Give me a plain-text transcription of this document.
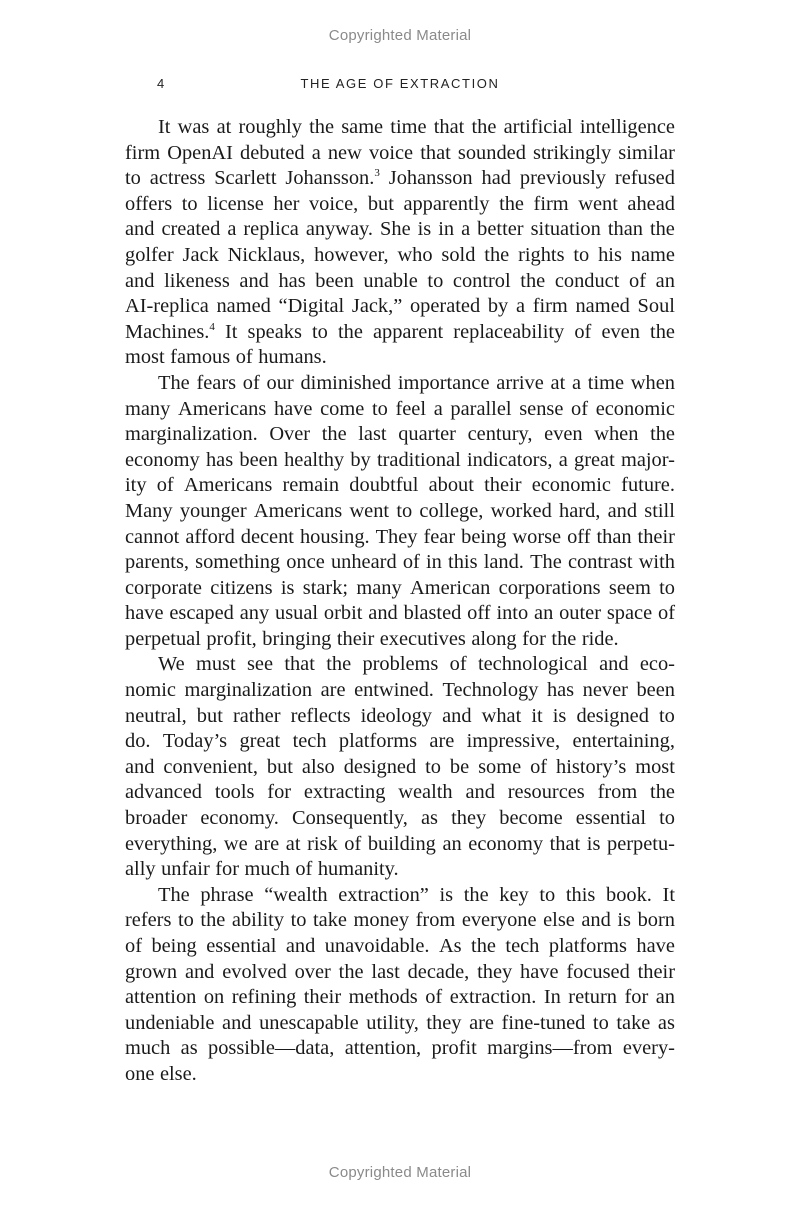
Copyrighted Material
4	THE AGE OF EXTRACTION
It was at roughly the same time that the artificial intelligence
firm OpenAI debuted a new voice that sounded strikingly similar
to actress Scarlett Johansson.$^3$ Johansson had previously refused
offers to license her voice, but apparently the firm went ahead
and created a replica anyway. She is in a better situation than the
golfer Jack Nicklaus, however, who sold the rights to his name
and likeness and has been unable to control the conduct of an
AI-replica named “Digital Jack,” operated by a firm named Soul
Machines.$^4$ It speaks to the apparent replaceability of even the
most famous of humans.
The fears of our diminished importance arrive at a time when
many Americans have come to feel a parallel sense of economic
marginalization. Over the last quarter century, even when the
economy has been healthy by traditional indicators, a great major-
ity of Americans remain doubtful about their economic future.
Many younger Americans went to college, worked hard, and still
cannot afford decent housing. They fear being worse off than their
parents, something once unheard of in this land. The contrast with
corporate citizens is stark; many American corporations seem to
have escaped any usual orbit and blasted off into an outer space of
perpetual profit, bringing their executives along for the ride.
We must see that the problems of technological and eco-
nomic marginalization are entwined. Technology has never been
neutral, but rather reflects ideology and what it is designed to
do. Today’s great tech platforms are impressive, entertaining,
and convenient, but also designed to be some of history’s most
advanced tools for extracting wealth and resources from the
broader economy. Consequently, as they become essential to
everything, we are at risk of building an economy that is perpetu-
ally unfair for much of humanity.
The phrase “wealth extraction” is the key to this book. It
refers to the ability to take money from everyone else and is born
of being essential and unavoidable. As the tech platforms have
grown and evolved over the last decade, they have focused their
attention on refining their methods of extraction. In return for an
undeniable and unescapable utility, they are fine-tuned to take as
much as possible—data, attention, profit margins—from every-
one else.
Copyrighted Material
